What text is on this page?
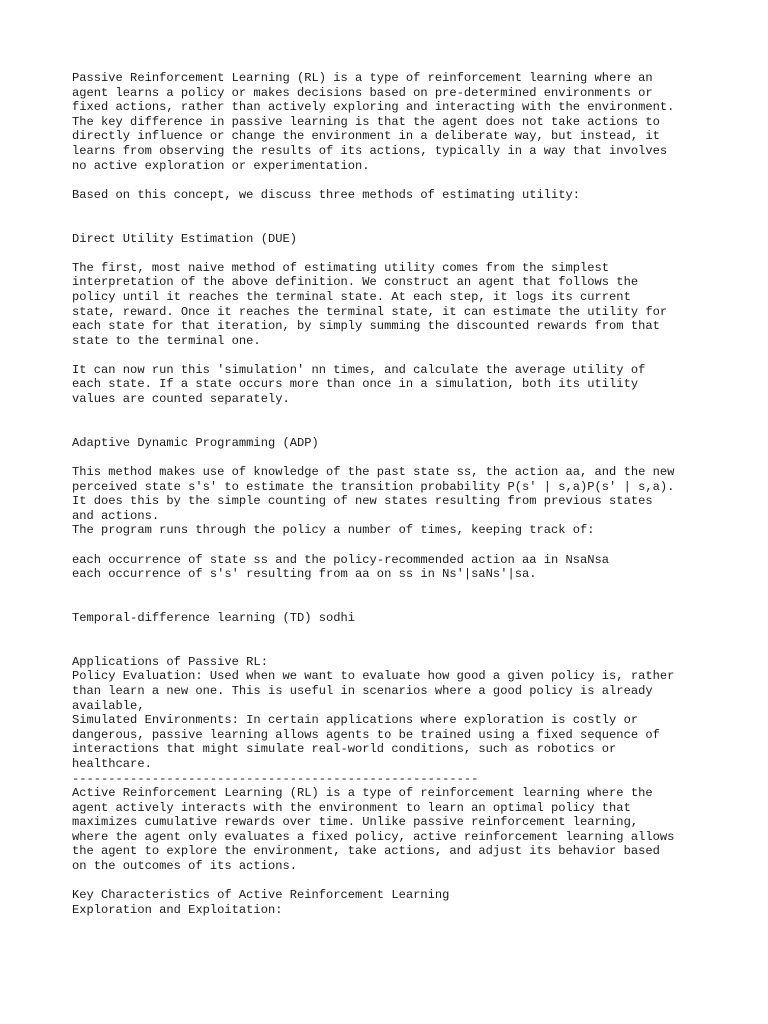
Passive Reinforcement Learning (RL) is a type of reinforcement learning where an
agent learns a policy or makes decisions based on pre-determined environments or
fixed actions, rather than actively exploring and interacting with the environment.
The key difference in passive learning is that the agent does not take actions to
directly influence or change the environment in a deliberate way, but instead, it
learns from observing the results of its actions, typically in a way that involves
no active exploration or experimentation.
Based on this concept, we discuss three methods of estimating utility:
Direct Utility Estimation (DUE)
The first, most naive method of estimating utility comes from the simplest
interpretation of the above definition. We construct an agent that follows the
policy until it reaches the terminal state. At each step, it logs its current
state, reward. Once it reaches the terminal state, it can estimate the utility for
each state for that iteration, by simply summing the discounted rewards from that
state to the terminal one.
It can now run this 'simulation' nn times, and calculate the average utility of
each state. If a state occurs more than once in a simulation, both its utility
values are counted separately.
Adaptive Dynamic Programming (ADP)
This method makes use of knowledge of the past state ss, the action aa, and the new
perceived state s's' to estimate the transition probability P(s' | s,a)P(s' | s,a).
It does this by the simple counting of new states resulting from previous states
and actions.
The program runs through the policy a number of times, keeping track of:
each occurrence of state ss and the policy-recommended action aa in NsaNsa
each occurrence of s's' resulting from aa on ss in Ns'|saNs'|sa.
Temporal-difference learning (TD) sodhi
Applications of Passive RL:
Policy Evaluation: Used when we want to evaluate how good a given policy is, rather
than learn a new one. This is useful in scenarios where a good policy is already
available,
Simulated Environments: In certain applications where exploration is costly or
dangerous, passive learning allows agents to be trained using a fixed sequence of
interactions that might simulate real-world conditions, such as robotics or
healthcare.
--------------------------------------------------------
Active Reinforcement Learning (RL) is a type of reinforcement learning where the
agent actively interacts with the environment to learn an optimal policy that
maximizes cumulative rewards over time. Unlike passive reinforcement learning,
where the agent only evaluates a fixed policy, active reinforcement learning allows
the agent to explore the environment, take actions, and adjust its behavior based
on the outcomes of its actions.
Key Characteristics of Active Reinforcement Learning
Exploration and Exploitation:
